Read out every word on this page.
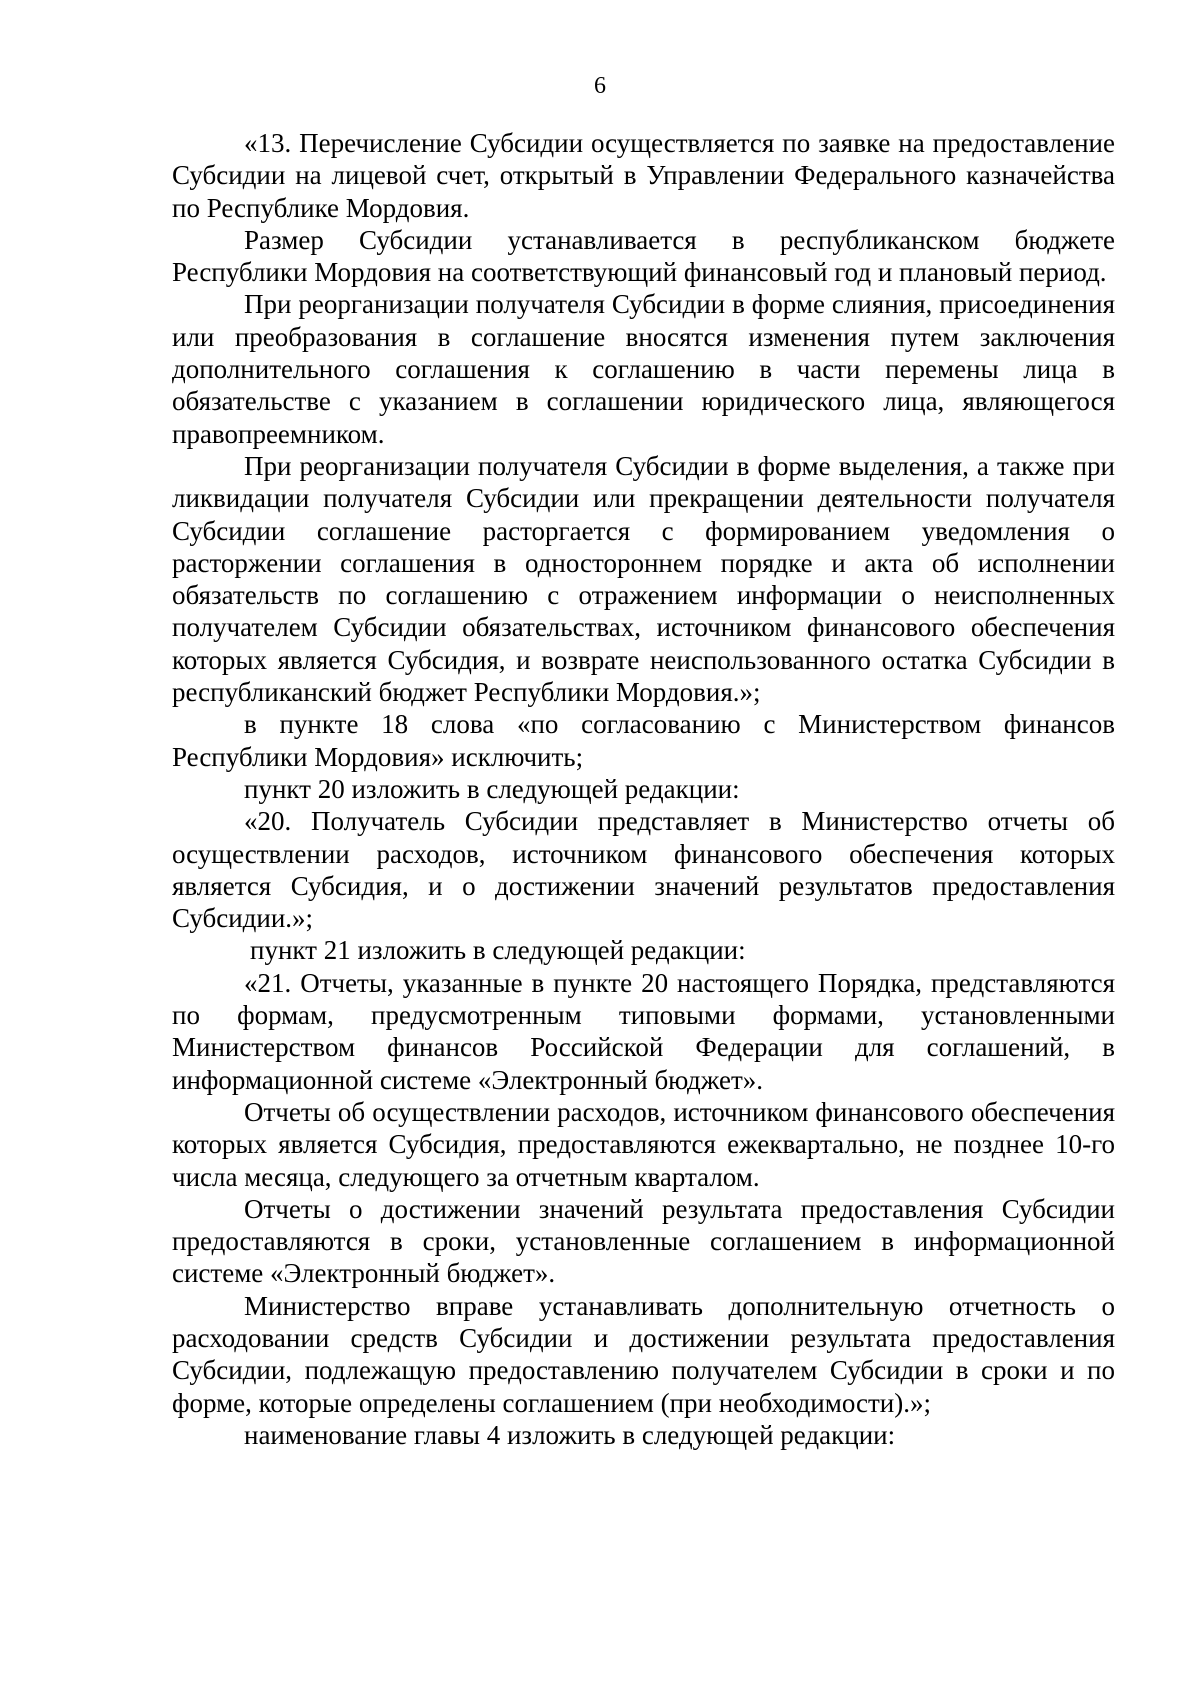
6

«13. Перечисление Субсидии осуществляется по заявке на предоставление Субсидии на лицевой счет, открытый в Управлении Федерального казначейства по Республике Мордовия.

Размер Субсидии устанавливается в республиканском бюджете Республики Мордовия на соответствующий финансовый год и плановый период.

При реорганизации получателя Субсидии в форме слияния, присоединения или преобразования в соглашение вносятся изменения путем заключения дополнительного соглашения к соглашению в части перемены лица в обязательстве с указанием в соглашении юридического лица, являющегося правопреемником.

При реорганизации получателя Субсидии в форме выделения, а также при ликвидации получателя Субсидии или прекращении деятельности получателя Субсидии соглашение расторгается с формированием уведомления о расторжении соглашения в одностороннем порядке и акта об исполнении обязательств по соглашению с отражением информации о неисполненных получателем Субсидии обязательствах, источником финансового обеспечения которых является Субсидия, и возврате неиспользованного остатка Субсидии в республиканский бюджет Республики Мордовия.»;

в пункте 18 слова «по согласованию с Министерством финансов Республики Мордовия» исключить;

пункт 20 изложить в следующей редакции:

«20. Получатель Субсидии представляет в Министерство отчеты об осуществлении расходов, источником финансового обеспечения которых является Субсидия, и о достижении значений результатов предоставления Субсидии.»;

пункт 21 изложить в следующей редакции:

«21. Отчеты, указанные в пункте 20 настоящего Порядка, представляются по формам, предусмотренным типовыми формами, установленными Министерством финансов Российской Федерации для соглашений, в информационной системе «Электронный бюджет».

Отчеты об осуществлении расходов, источником финансового обеспечения которых является Субсидия, предоставляются ежеквартально, не позднее 10-го числа месяца, следующего за отчетным кварталом.

Отчеты о достижении значений результата предоставления Субсидии предоставляются в сроки, установленные соглашением в информационной системе «Электронный бюджет».

Министерство вправе устанавливать дополнительную отчетность о расходовании средств Субсидии и достижении результата предоставления Субсидии, подлежащую предоставлению получателем Субсидии в сроки и по форме, которые определены соглашением (при необходимости).»;

наименование главы 4 изложить в следующей редакции:
